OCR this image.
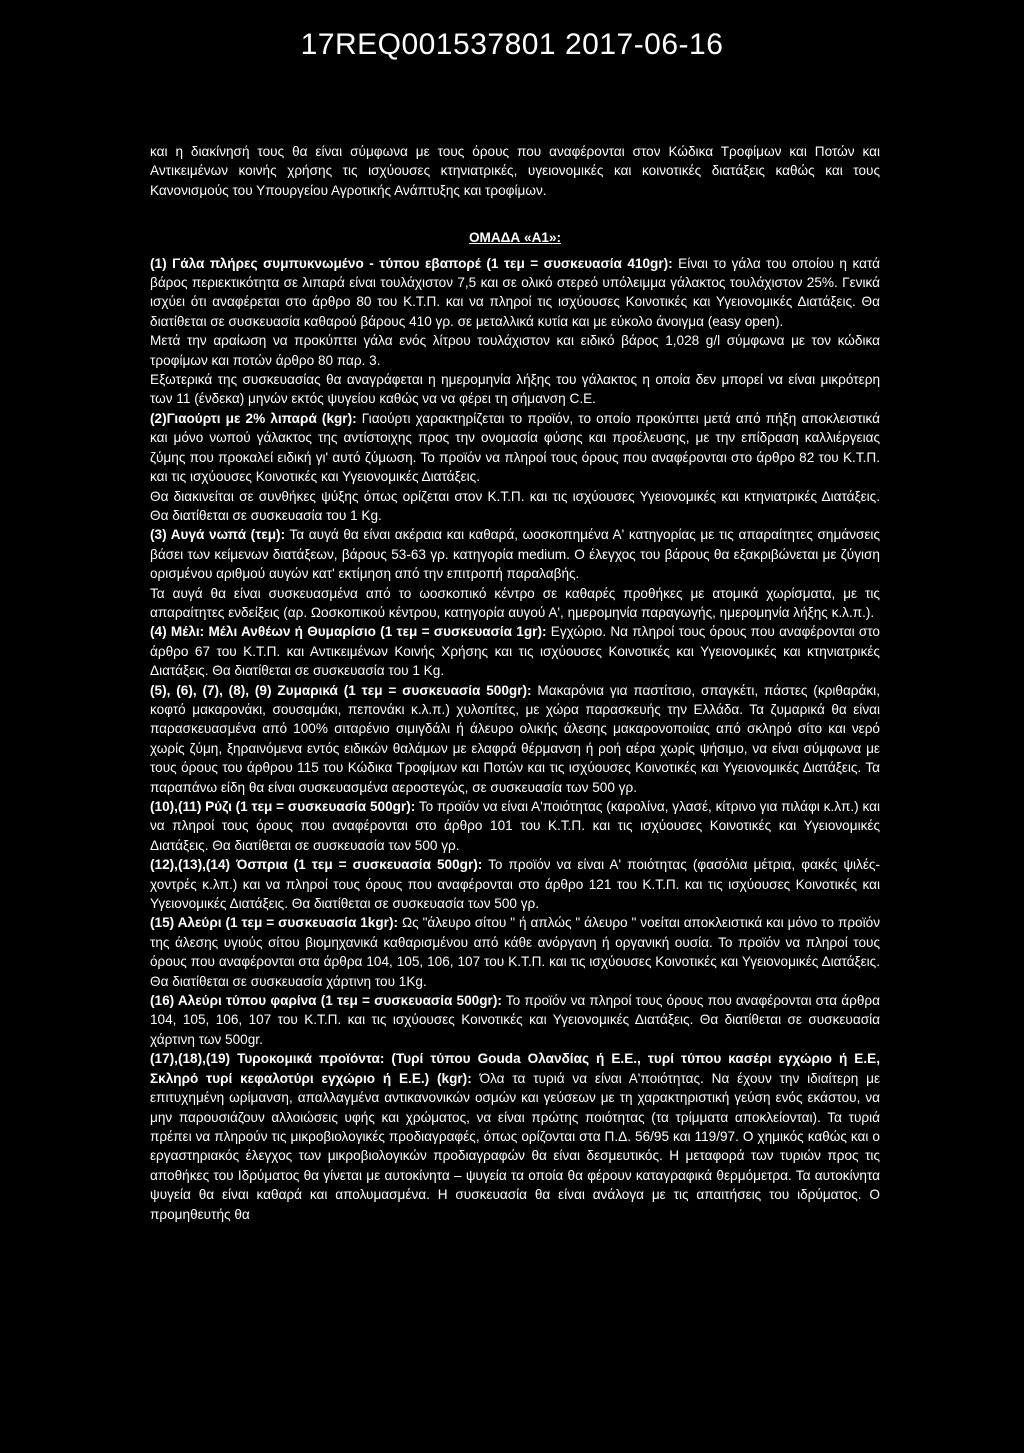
17REQ001537801 2017-06-16

και η διακίνησή τους θα είναι σύμφωνα με τους όρους που αναφέρονται στον Κώδικα Τροφίμων και Ποτών και Αντικειμένων κοινής χρήσης τις ισχύουσες κτηνιατρικές, υγειονομικές και κοινοτικές διατάξεις καθώς και τους Κανονισμούς του Υπουργείου Αγροτικής Ανάπτυξης και τροφίμων.

ΟΜΑΔΑ «Α1»:

(1) Γάλα πλήρες συμπυκνωμένο - τύπου εβαπορέ (1 τεμ = συσκευασία 410gr): Είναι το γάλα του οποίου η κατά βάρος περιεκτικότητα σε λιπαρά είναι τουλάχιστον 7,5 και σε ολικό στερεό υπόλειμμα γάλακτος τουλάχιστον 25%. Γενικά ισχύει ότι αναφέρεται στο άρθρο 80 του Κ.Τ.Π. και να πληροί τις ισχύουσες Κοινοτικές και Υγειονομικές Διατάξεις. Θα διατίθεται σε συσκευασία καθαρού βάρους 410 γρ. σε μεταλλικά κυτία και με εύκολο άνοιγμα (easy open).

Μετά την αραίωση να προκύπτει γάλα ενός λίτρου τουλάχιστον και ειδικό βάρος 1,028 g/l σύμφωνα με τον κώδικα τροφίμων και ποτών άρθρο 80 παρ. 3.

Εξωτερικά της συσκευασίας θα αναγράφεται η ημερομηνία λήξης του γάλακτος η οποία δεν μπορεί να είναι μικρότερη των 11 (ένδεκα) μηνών εκτός ψυγείου καθώς να να φέρει τη σήμανση C.E.

(2)Γιαούρτι με 2% λιπαρά (kgr): Γιαούρτι χαρακτηρίζεται το προϊόν, το οποίο προκύπτει μετά από πήξη αποκλειστικά και μόνο νωπού γάλακτος της αντίστοιχης προς την ονομασία φύσης και προέλευσης, με την επίδραση καλλιέργειας ζύμης που προκαλεί ειδική γι' αυτό ζύμωση. Το προϊόν να πληροί τους όρους που αναφέρονται στο άρθρο 82 του Κ.Τ.Π. και τις ισχύουσες Κοινοτικές και Υγειονομικές Διατάξεις.

Θα διακινείται σε συνθήκες ψύξης όπως ορίζεται στον Κ.Τ.Π. και τις ισχύουσες Υγειονομικές και κτηνιατρικές Διατάξεις. Θα διατίθεται σε συσκευασία του 1 Kg.

(3) Αυγά νωπά (τεμ): Τα αυγά θα είναι ακέραια και καθαρά, ωοσκοπημένα Α' κατηγορίας με τις απαραίτητες σημάνσεις βάσει των κείμενων διατάξεων, βάρους 53-63 γρ. κατηγορία medium. Ο έλεγχος του βάρους θα εξακριβώνεται με ζύγιση ορισμένου αριθμού αυγών κατ' εκτίμηση από την επιτροπή παραλαβής.

Τα αυγά θα είναι συσκευασμένα από το ωοσκοπικό κέντρο σε καθαρές προθήκες με ατομικά χωρίσματα, με τις απαραίτητες ενδείξεις (αρ. Ωοσκοπικού κέντρου, κατηγορία αυγού Α', ημερομηνία παραγωγής, ημερομηνία λήξης κ.λ.π.).

(4) Μέλι: Μέλι Ανθέων ή Θυμαρίσιο (1 τεμ = συσκευασία 1gr): Εγχώριο. Να πληροί τους όρους που αναφέρονται στο άρθρο 67 του Κ.Τ.Π. και Αντικειμένων Κοινής Χρήσης και τις ισχύουσες Κοινοτικές και Υγειονομικές και κτηνιατρικές Διατάξεις. Θα διατίθεται σε συσκευασία του 1 Kg.

(5), (6), (7), (8), (9) Ζυμαρικά (1 τεμ = συσκευασία 500gr): Μακαρόνια για παστίτσιο, σπαγκέτι, πάστες (κριθαράκι, κοφτό μακαρονάκι, σουσαμάκι, πεπονάκι κ.λ.π.) χυλοπίτες, με χώρα παρασκευής την Ελλάδα. Τα ζυμαρικά θα είναι παρασκευασμένα από 100% σιταρένιο σιμιγδάλι ή άλευρο ολικής άλεσης μακαρονοποιίας από σκληρό σίτο και νερό χωρίς ζύμη, ξηραινόμενα εντός ειδικών θαλάμων με ελαφρά θέρμανση ή ροή αέρα χωρίς ψήσιμο, να είναι σύμφωνα με τους όρους του άρθρου 115 του Κώδικα Τροφίμων και Ποτών και τις ισχύουσες Κοινοτικές και Υγειονομικές Διατάξεις. Τα παραπάνω είδη θα είναι συσκευασμένα αεροστεγώς, σε συσκευασία των 500 γρ.

(10),(11) Ρύζι (1 τεμ = συσκευασία 500gr): Το προϊόν να είναι Α'ποιότητας (καρολίνα, γλασέ, κίτρινο για πιλάφι κ.λπ.) και να πληροί τους όρους που αναφέρονται στο άρθρο 101 του Κ.Τ.Π. και τις ισχύουσες Κοινοτικές και Υγειονομικές Διατάξεις. Θα διατίθεται σε συσκευασία των 500 γρ.

(12),(13),(14) Όσπρια (1 τεμ = συσκευασία 500gr): Το προϊόν να είναι Α' ποιότητας (φασόλια μέτρια, φακές ψιλές-χοντρές κ.λπ.) και να πληροί τους όρους που αναφέρονται στο άρθρο 121 του Κ.Τ.Π. και τις ισχύουσες Κοινοτικές και Υγειονομικές Διατάξεις. Θα διατίθεται σε συσκευασία των 500 γρ.

(15) Αλεύρι (1 τεμ = συσκευασία 1kgr): Ως "άλευρο σίτου " ή απλώς " άλευρο " νοείται αποκλειστικά και μόνο το προϊόν της άλεσης υγιούς σίτου βιομηχανικά καθαρισμένου από κάθε ανόργανη ή οργανική ουσία. Το προϊόν να πληροί τους όρους που αναφέρονται στα άρθρα 104, 105, 106, 107 του Κ.Τ.Π. και τις ισχύουσες Κοινοτικές και Υγειονομικές Διατάξεις. Θα διατίθεται σε συσκευασία χάρτινη του 1Kg.

(16) Αλεύρι τύπου φαρίνα (1 τεμ = συσκευασία 500gr): Το προϊόν να πληροί τους όρους που αναφέρονται στα άρθρα 104, 105, 106, 107 του Κ.Τ.Π. και τις ισχύουσες Κοινοτικές και Υγειονομικές Διατάξεις. Θα διατίθεται σε συσκευασία χάρτινη των 500gr.

(17),(18),(19) Τυροκομικά προϊόντα: (Τυρί τύπου Gouda Ολανδίας ή Ε.Ε., τυρί τύπου κασέρι εγχώριο ή Ε.Ε, Σκληρό τυρί κεφαλοτύρι εγχώριο ή Ε.Ε.) (kgr): Όλα τα τυριά να είναι Α'ποιότητας. Να έχουν την ιδιαίτερη με επιτυχημένη ωρίμανση, απαλλαγμένα αντικανονικών οσμών και γεύσεων με τη χαρακτηριστική γεύση ενός εκάστου, να μην παρουσιάζουν αλλοιώσεις υφής και χρώματος, να είναι πρώτης ποιότητας (τα τρίμματα αποκλείονται). Τα τυριά πρέπει να πληρούν τις μικροβιολογικές προδιαγραφές, όπως ορίζονται στα Π.Δ. 56/95 και 119/97. Ο χημικός καθώς και ο εργαστηριακός έλεγχος των μικροβιολογικών προδιαγραφών θα είναι δεσμευτικός. Η μεταφορά των τυριών προς τις αποθήκες του Ιδρύματος θα γίνεται με αυτοκίνητα – ψυγεία τα οποία θα φέρουν καταγραφικά θερμόμετρα. Τα αυτοκίνητα ψυγεία θα είναι καθαρά και απολυμασμένα. Η συσκευασία θα είναι ανάλογα με τις απαιτήσεις του ιδρύματος. Ο προμηθευτής θα
